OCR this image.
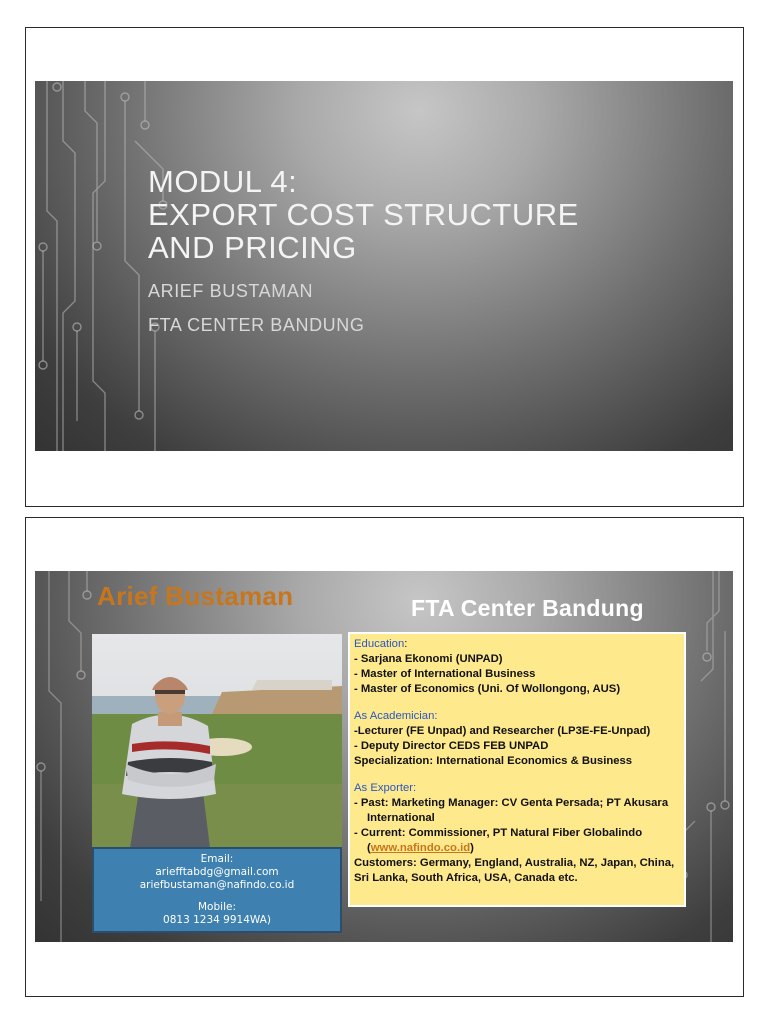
MODUL 4:
EXPORT COST STRUCTURE
AND PRICING
ARIEF BUSTAMAN
FTA CENTER BANDUNG
Arief Bustaman	FTA Center Bandung
Email:
ariefftabdg@gmail.com
ariefbustaman@nafindo.co.id
Mobile:
0813 1234 9914WA)
Education:
- Sarjana Ekonomi (UNPAD)
- Master of International Business
- Master of Economics (Uni. Of Wollongong, AUS)
As Academician:
-Lecturer (FE Unpad) and Researcher (LP3E-FE-Unpad)
- Deputy Director CEDS FEB UNPAD
Specialization: International Economics & Business
As Exporter:
- Past: Marketing Manager: CV Genta Persada; PT Akusara International
- Current: Commissioner, PT Natural Fiber Globalindo (www.nafindo.co.id)
Customers: Germany, England, Australia, NZ, Japan, China, Sri Lanka, South Africa, USA, Canada etc.
